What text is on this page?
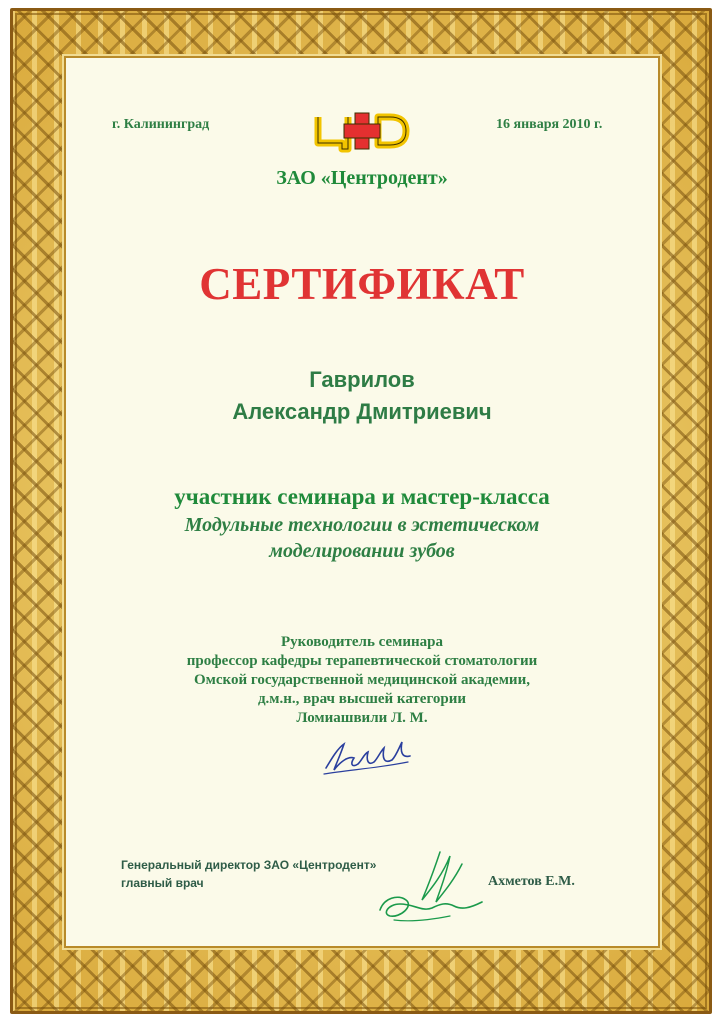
г. Калининград	16 января 2010 г.
ЗАО «Центродент»
СЕРТИФИКАТ
Гаврилов
Александр Дмитриевич
участник семинара и мастер-класса
Модульные технологии в эстетическом
моделировании зубов
Руководитель семинара
профессор кафедры терапевтической стоматологии
Омской государственной медицинской академии,
д.м.н., врач высшей категории
Ломиашвили Л. М.
Генеральный директор ЗАО «Центродент»
главный врач	Ахметов Е.М.
